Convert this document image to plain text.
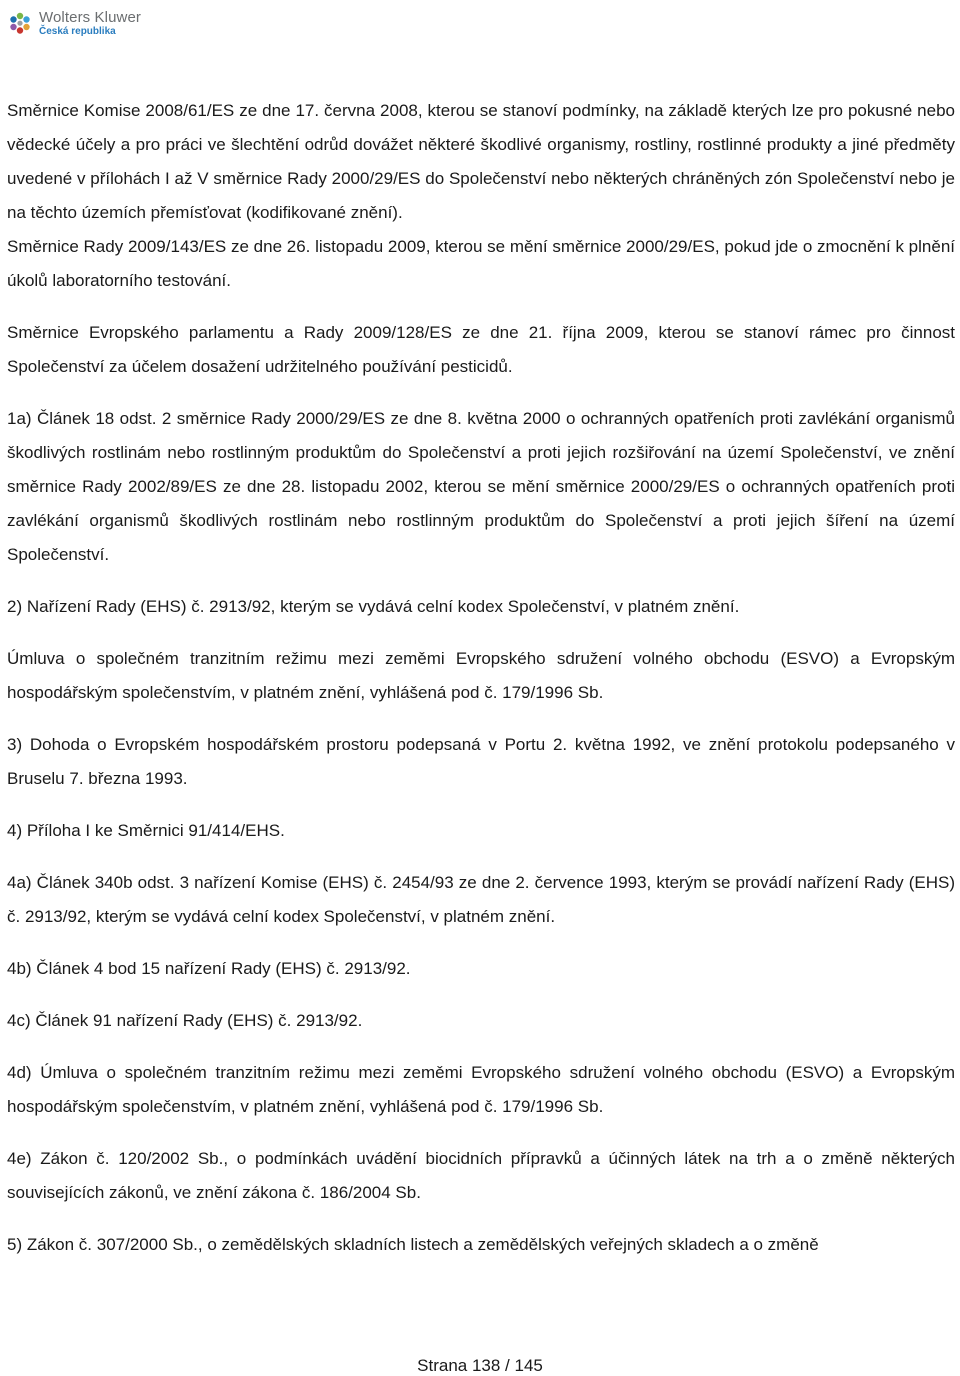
Wolters Kluwer
Česká republika

Směrnice Komise 2008/61/ES ze dne 17. června 2008, kterou se stanoví podmínky, na základě kterých lze pro pokusné nebo vědecké účely a pro práci ve šlechtění odrůd dovážet některé škodlivé organismy, rostliny, rostlinné produkty a jiné předměty uvedené v přílohách I až V směrnice Rady 2000/29/ES do Společenství nebo některých chráněných zón Společenství nebo je na těchto územích přemísťovat (kodifikované znění).

Směrnice Rady 2009/143/ES ze dne 26. listopadu 2009, kterou se mění směrnice 2000/29/ES, pokud jde o zmocnění k plnění úkolů laboratorního testování.

Směrnice Evropského parlamentu a Rady 2009/128/ES ze dne 21. října 2009, kterou se stanoví rámec pro činnost Společenství za účelem dosažení udržitelného používání pesticidů.

1a) Článek 18 odst. 2 směrnice Rady 2000/29/ES ze dne 8. května 2000 o ochranných opatřeních proti zavlékání organismů škodlivých rostlinám nebo rostlinným produktům do Společenství a proti jejich rozšiřování na území Společenství, ve znění směrnice Rady 2002/89/ES ze dne 28. listopadu 2002, kterou se mění směrnice 2000/29/ES o ochranných opatřeních proti zavlékání organismů škodlivých rostlinám nebo rostlinným produktům do Společenství a proti jejich šíření na území Společenství.

2) Nařízení Rady (EHS) č. 2913/92, kterým se vydává celní kodex Společenství, v platném znění.

Úmluva o společném tranzitním režimu mezi zeměmi Evropského sdružení volného obchodu (ESVO) a Evropským hospodářským společenstvím, v platném znění, vyhlášená pod č. 179/1996 Sb.

3) Dohoda o Evropském hospodářském prostoru podepsaná v Portu 2. května 1992, ve znění protokolu podepsaného v Bruselu 7. března 1993.

4) Příloha I ke Směrnici 91/414/EHS.

4a) Článek 340b odst. 3 nařízení Komise (EHS) č. 2454/93 ze dne 2. července 1993, kterým se provádí nařízení Rady (EHS) č. 2913/92, kterým se vydává celní kodex Společenství, v platném znění.

4b) Článek 4 bod 15 nařízení Rady (EHS) č. 2913/92.

4c) Článek 91 nařízení Rady (EHS) č. 2913/92.

4d) Úmluva o společném tranzitním režimu mezi zeměmi Evropského sdružení volného obchodu (ESVO) a Evropským hospodářským společenstvím, v platném znění, vyhlášená pod č. 179/1996 Sb.

4e) Zákon č. 120/2002 Sb., o podmínkách uvádění biocidních přípravků a účinných látek na trh a o změně některých souvisejících zákonů, ve znění zákona č. 186/2004 Sb.

5) Zákon č. 307/2000 Sb., o zemědělských skladních listech a zemědělských veřejných skladech a o změně

Strana 138 / 145
